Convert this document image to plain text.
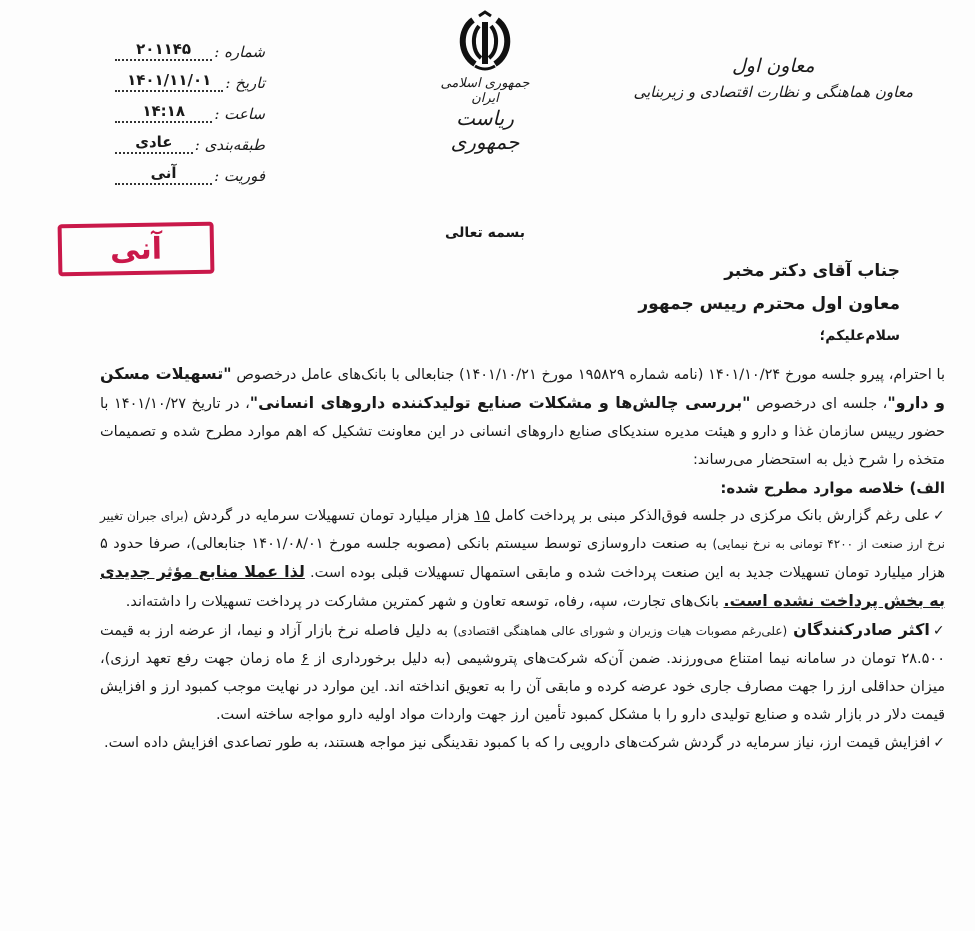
شماره :
۲۰۱۱۴۵
تاریخ :
۱۴۰۱/۱۱/۰۱
ساعت :
۱۴:۱۸
طبقه‌بندی :
عادی
فوریت :
آنی
آنی
جمهوری اسلامی ایران
ریاست جمهوری
بسمه تعالی
معاون اول
معاون هماهنگی و نظارت اقتصادی و زیربنایی
جناب آقای دکتر مخبر
معاون اول محترم رییس جمهور
سلام‌علیکم؛

با احترام، پیرو جلسه مورخ ۱۴۰۱/۱۰/۲۴ (نامه شماره ۱۹۵۸۲۹ مورخ ۱۴۰۱/۱۰/۲۱) جنابعالی با بانک‌های عامل درخصوص "تسهیلات مسکن و دارو"، جلسه ای درخصوص "بررسی چالش‌ها و مشکلات صنایع تولیدکننده داروهای انسانی"، در تاریخ ۱۴۰۱/۱۰/۲۷ با حضور رییس سازمان غذا و دارو و هیئت مدیره سندیکای صنایع داروهای انسانی در این معاونت تشکیل که اهم موارد مطرح شده و تصمیمات متخذه را شرح ذیل به استحضار می‌رساند:

الف) خلاصه موارد مطرح شده:

✓علی رغم گزارش بانک مرکزی در جلسه فوق‌الذکر مبنی بر پرداخت کامل ۱۵ هزار میلیارد تومان تسهیلات سرمایه در گردش (برای جبران تغییر نرخ ارز صنعت از ۴۲۰۰ تومانی به نرخ نیمایی) به صنعت داروسازی توسط سیستم بانکی (مصوبه جلسه مورخ ۱۴۰۱/۰۸/۰۱ جنابعالی)، صرفا حدود ۵ هزار میلیارد تومان تسهیلات جدید به این صنعت پرداخت شده و مابقی استمهال تسهیلات قبلی بوده است. لذا عملا منابع مؤثر جدیدی به بخش پرداخت نشده است. بانک‌های تجارت، سپه، رفاه، توسعه تعاون و شهر کمترین مشارکت در پرداخت تسهیلات را داشته‌اند.

✓اکثر صادرکنندگان (علی‌رغم مصوبات هیات وزیران و شورای عالی هماهنگی اقتصادی) به دلیل فاصله نرخ بازار آزاد و نیما، از عرضه ارز به قیمت ۲۸.۵۰۰ تومان در سامانه نیما امتناع می‌ورزند. ضمن آن‌که شرکت‌های پتروشیمی (به دلیل برخورداری از ۶ ماه زمان جهت رفع تعهد ارزی)، میزان حداقلی ارز را جهت مصارف جاری خود عرضه کرده و مابقی آن را به تعویق انداخته اند. این موارد در نهایت موجب کمبود ارز و افزایش قیمت دلار در بازار شده و صنایع تولیدی دارو را با مشکل کمبود تأمین ارز جهت واردات مواد اولیه دارو مواجه ساخته است.

✓افزایش قیمت ارز، نیاز سرمایه در گردش شرکت‌های دارویی را که با کمبود نقدینگی نیز مواجه هستند، به طور تصاعدی افزایش داده است.
